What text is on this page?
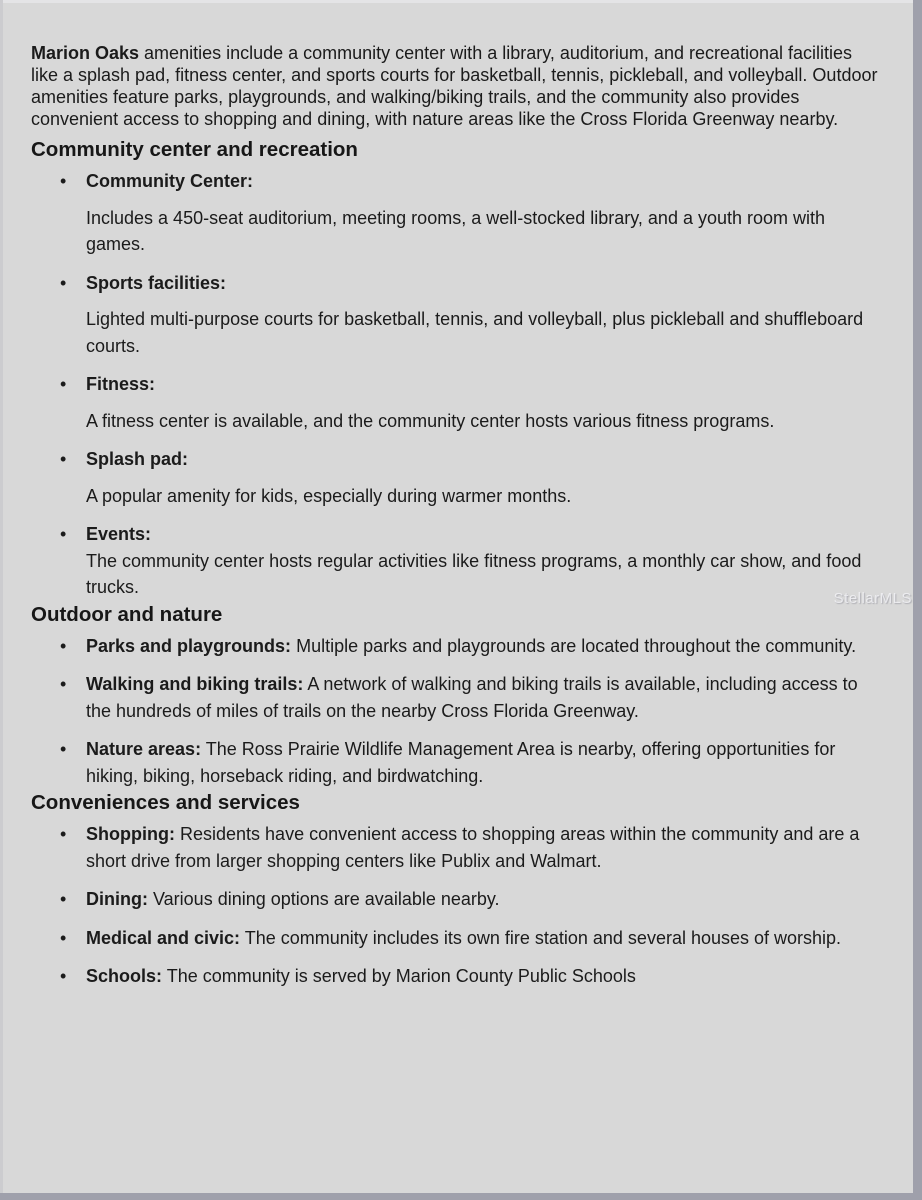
Marion Oaks amenities include a community center with a library, auditorium, and recreational facilities like a splash pad, fitness center, and sports courts for basketball, tennis, pickleball, and volleyball. Outdoor amenities feature parks, playgrounds, and walking/biking trails, and the community also provides convenient access to shopping and dining, with nature areas like the Cross Florida Greenway nearby.

Community center and recreation

• Community Center:

Includes a 450-seat auditorium, meeting rooms, a well-stocked library, and a youth room with games.

• Sports facilities:

Lighted multi-purpose courts for basketball, tennis, and volleyball, plus pickleball and shuffleboard courts.

• Fitness:

A fitness center is available, and the community center hosts various fitness programs.

• Splash pad:

A popular amenity for kids, especially during warmer months.

• Events:

The community center hosts regular activities like fitness programs, a monthly car show, and food trucks.

Outdoor and nature

• Parks and playgrounds: Multiple parks and playgrounds are located throughout the community.

• Walking and biking trails: A network of walking and biking trails is available, including access to the hundreds of miles of trails on the nearby Cross Florida Greenway.

• Nature areas: The Ross Prairie Wildlife Management Area is nearby, offering opportunities for hiking, biking, horseback riding, and birdwatching.

Conveniences and services

• Shopping: Residents have convenient access to shopping areas within the community and are a short drive from larger shopping centers like Publix and Walmart.

• Dining: Various dining options are available nearby.

• Medical and civic: The community includes its own fire station and several houses of worship.

• Schools: The community is served by Marion County Public Schools

StellarMLS
